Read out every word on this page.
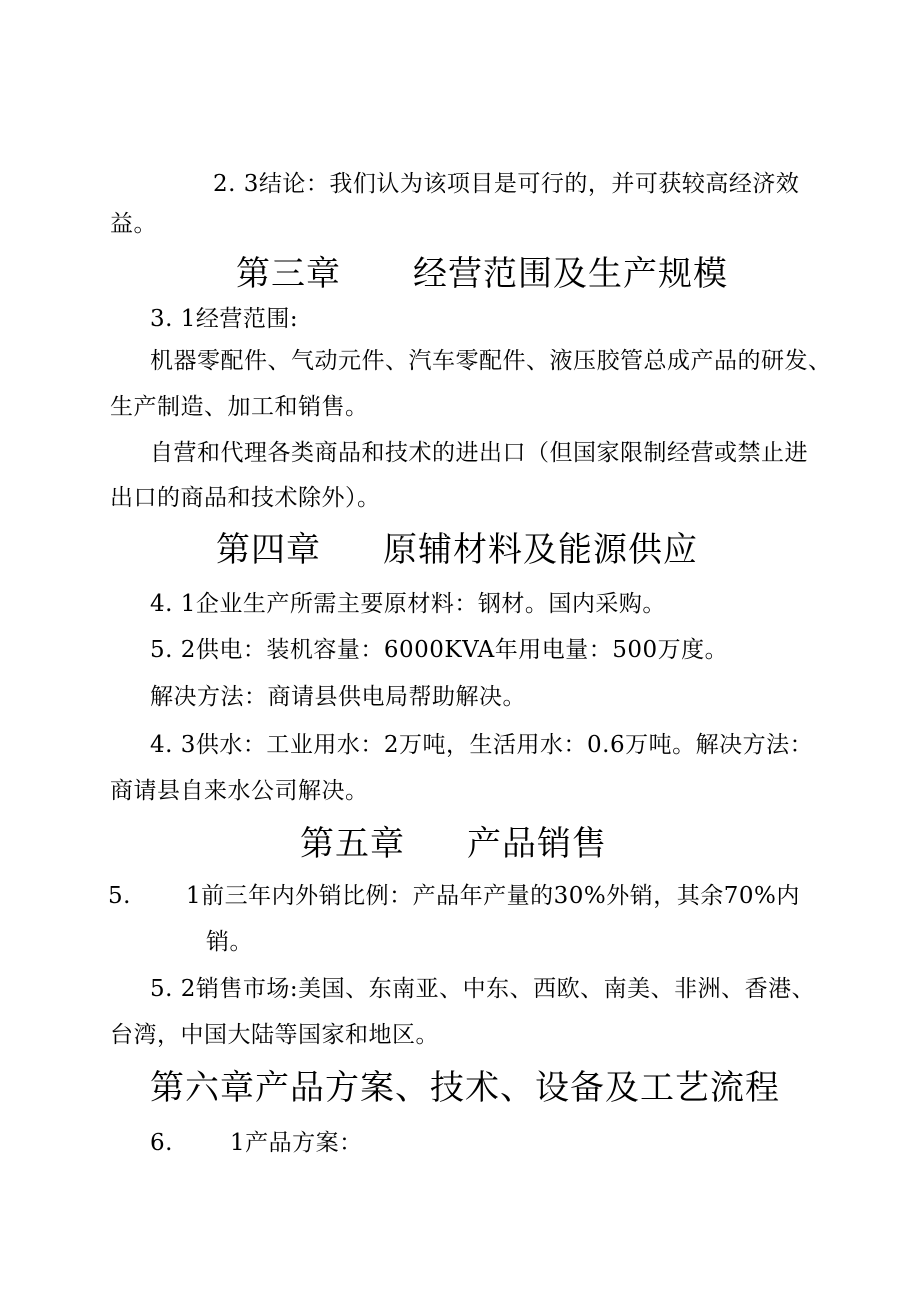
2. 3结论：我们认为该项目是可行的，并可获较高经济效
益。
第三章 经营范围及生产规模
3. 1经营范围:
机器零配件、气动元件、汽车零配件、液压胶管总成产品的研发、
生产制造、加工和销售。
自营和代理各类商品和技术的进出口（但国家限制经营或禁止进
出口的商品和技术除外）。
第四章 原辅材料及能源供应
4. 1企业生产所需主要原材料：钢材。国内采购。
5. 2供电：装机容量：6000KVA年用电量：500万度。
解决方法：商请县供电局帮助解决。
4. 3供水：工业用水：2万吨，生活用水：0.6万吨。解决方法：
商请县自来水公司解决。
第五章 产品销售
5. 1前三年内外销比例：产品年产量的30%外销，其余70%内
销。
5. 2销售市场:美国、东南亚、中东、西欧、南美、非洲、香港、
台湾，中国大陆等国家和地区。
第六章产品方案、技术、设备及工艺流程
6. 1产品方案：
